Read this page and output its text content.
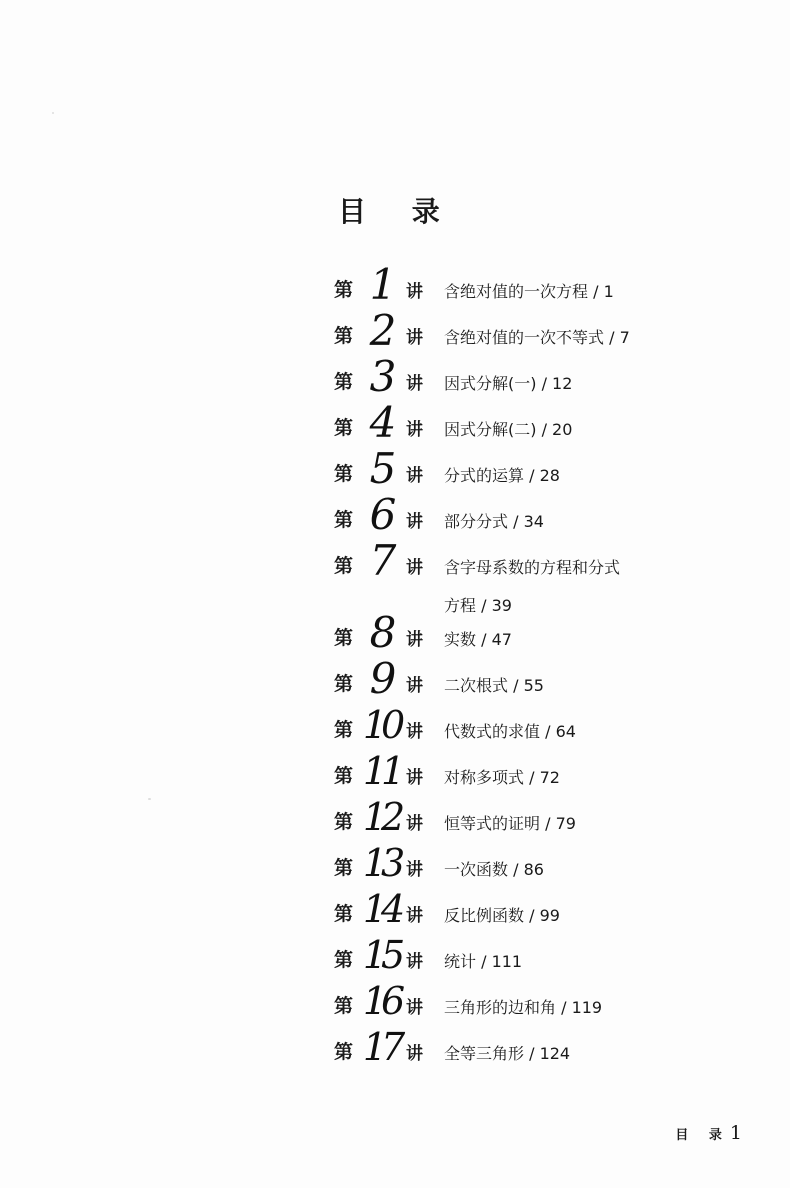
目 录
第 1 讲 含绝对值的一次方程 / 1
第 2 讲 含绝对值的一次不等式 / 7
第 3 讲 因式分解(一) / 12
第 4 讲 因式分解(二) / 20
第 5 讲 分式的运算 / 28
第 6 讲 部分分式 / 34
第 7 讲 含字母系数的方程和分式
方程 / 39
第 8 讲 实数 / 47
第 9 讲 二次根式 / 55
第 10 讲 代数式的求值 / 64
第 11 讲 对称多项式 / 72
第 12 讲 恒等式的证明 / 79
第 13 讲 一次函数 / 86
第 14 讲 反比例函数 / 99
第 15 讲 统计 / 111
第 16 讲 三角形的边和角 / 119
第 17 讲 全等三角形 / 124
目 录1
